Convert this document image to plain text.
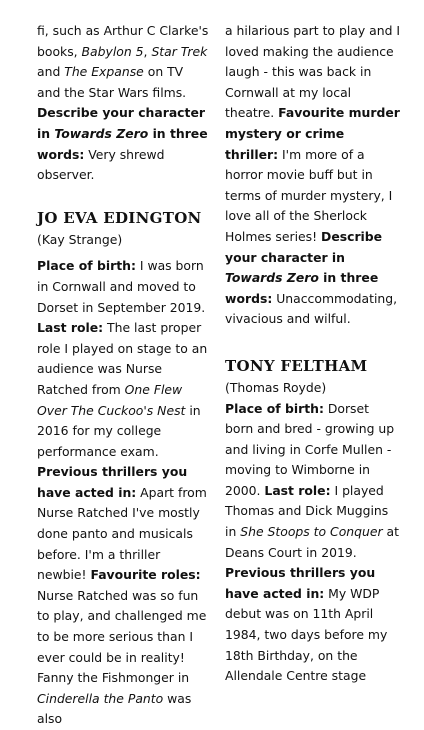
fi, such as Arthur C Clarke's books, Babylon 5, Star Trek and The Expanse on TV and the Star Wars films. Describe your character in Towards Zero in three words: Very shrewd observer.

JO EVA EDINGTON

(Kay Strange)

Place of birth: I was born in Cornwall and moved to Dorset in September 2019. Last role: The last proper role I played on stage to an audience was Nurse Ratched from One Flew Over The Cuckoo's Nest in 2016 for my college performance exam. Previous thrillers you have acted in: Apart from Nurse Ratched I've mostly done panto and musicals before. I'm a thriller newbie! Favourite roles: Nurse Ratched was so fun to play, and challenged me to be more serious than I ever could be in reality! Fanny the Fishmonger in Cinderella the Panto was also

a hilarious part to play and I loved making the audience laugh - this was back in Cornwall at my local theatre. Favourite murder mystery or crime thriller: I'm more of a horror movie buff but in terms of murder mystery, I love all of the Sherlock Holmes series! Describe your character in Towards Zero in three words: Unaccommodating, vivacious and wilful.

TONY FELTHAM

(Thomas Royde)

Place of birth: Dorset born and bred - growing up and living in Corfe Mullen - moving to Wimborne in 2000. Last role: I played Thomas and Dick Muggins in She Stoops to Conquer at Deans Court in 2019. Previous thrillers you have acted in: My WDP debut was on 11th April 1984, two days before my 18th Birthday, on the Allendale Centre stage
